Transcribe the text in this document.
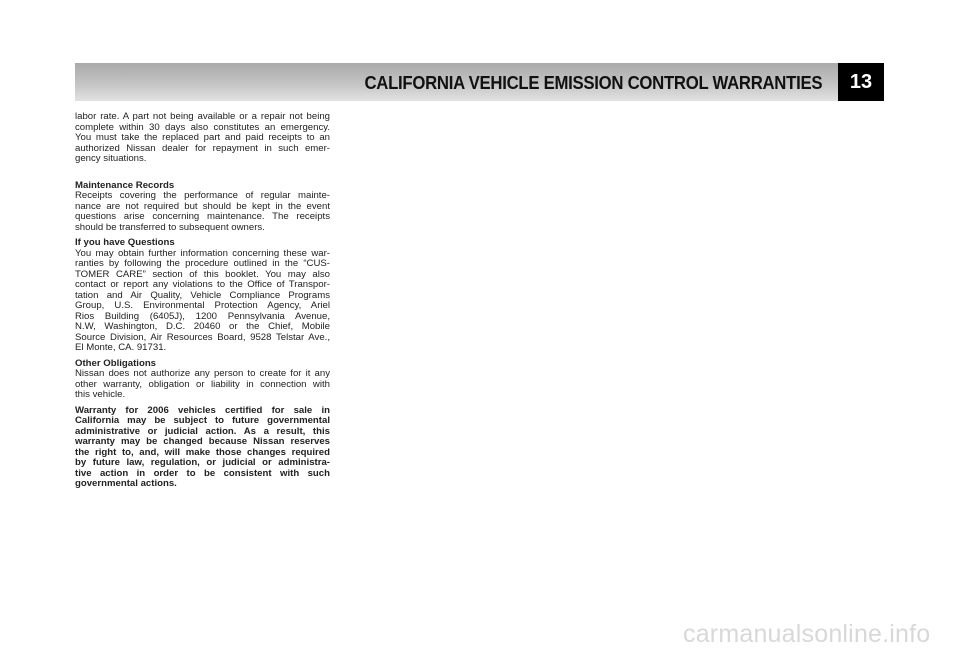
CALIFORNIA VEHICLE EMISSION CONTROL WARRANTIES	13
labor rate. A part not being available or a repair not being
complete within 30 days also constitutes an emergency.
You must take the replaced part and paid receipts to an
authorized Nissan dealer for repayment in such emer-
gency situations.
Maintenance Records
Receipts covering the performance of regular mainte-
nance are not required but should be kept in the event
questions arise concerning maintenance. The receipts
should be transferred to subsequent owners.
If you have Questions
You may obtain further information concerning these war-
ranties by following the procedure outlined in the “CUS-
TOMER CARE” section of this booklet. You may also
contact or report any violations to the Office of Transpor-
tation and Air Quality, Vehicle Compliance Programs
Group, U.S. Environmental Protection Agency, Ariel
Rios Building (6405J), 1200 Pennsylvania Avenue,
N.W, Washington, D.C. 20460 or the Chief, Mobile
Source Division, Air Resources Board, 9528 Telstar Ave.,
El Monte, CA. 91731.
Other Obligations
Nissan does not authorize any person to create for it any
other warranty, obligation or liability in connection with
this vehicle.
Warranty for 2006 vehicles certified for sale in
California may be subject to future governmental
administrative or judicial action. As a result, this
warranty may be changed because Nissan reserves
the right to, and, will make those changes required
by future law, regulation, or judicial or administra-
tive action in order to be consistent with such
governmental actions.
carmanualsonline.info
